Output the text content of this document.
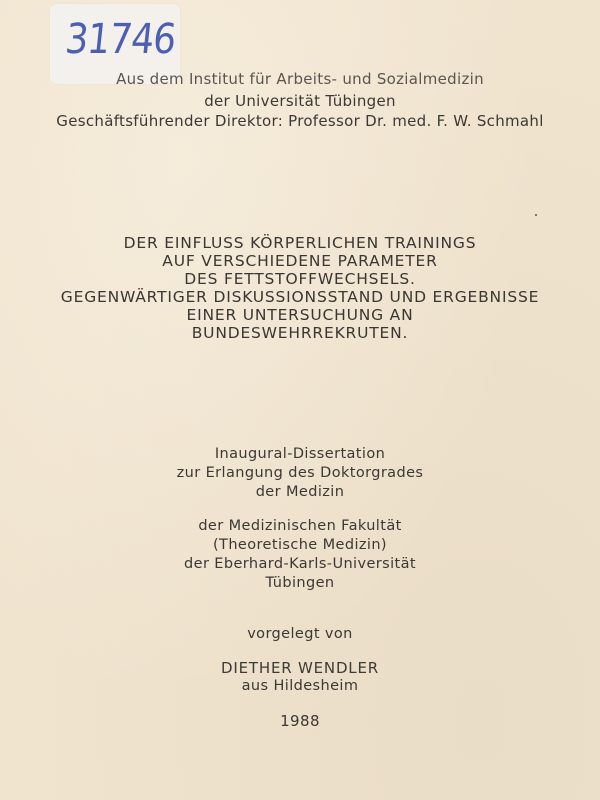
31746
Aus dem Institut für Arbeits- und Sozialmedizin
der Universität Tübingen
Geschäftsführender Direktor: Professor Dr. med. F. W. Schmahl
DER EINFLUSS KÖRPERLICHEN TRAININGS
AUF VERSCHIEDENE PARAMETER
DES FETTSTOFFWECHSELS.
GEGENWÄRTIGER DISKUSSIONSSTAND UND ERGEBNISSE
EINER UNTERSUCHUNG AN
BUNDESWEHRREKRUTEN.
Inaugural-Dissertation
zur Erlangung des Doktorgrades
der Medizin
der Medizinischen Fakultät
(Theoretische Medizin)
der Eberhard-Karls-Universität
Tübingen
vorgelegt von
DIETHER WENDLER
aus Hildesheim
1988
